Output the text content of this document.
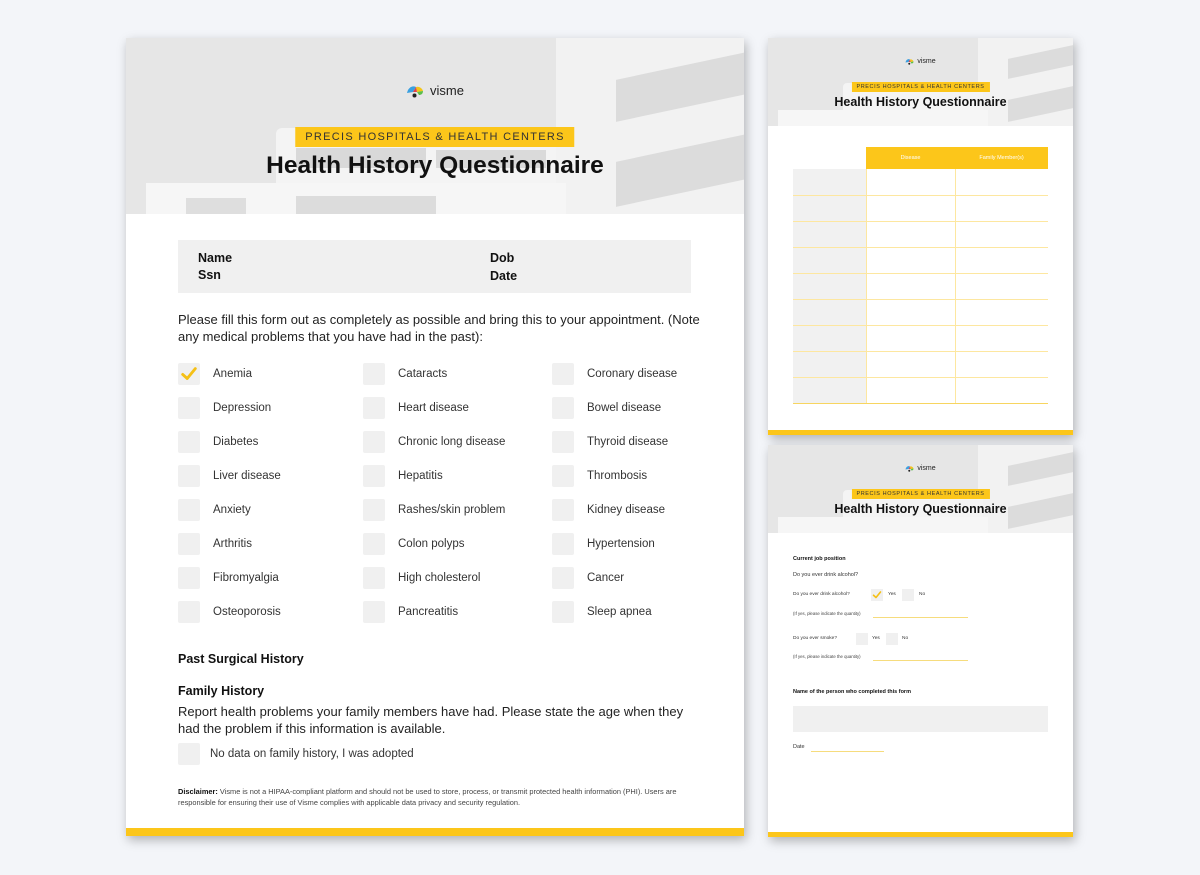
visme
PRECIS HOSPITALS & HEALTH CENTERS
Health History Questionnaire
Name	Dob
Ssn	Date
Please fill this form out as completely as possible and bring this to your appointment. (Note any medical problems that you have had in the past):
Anemia	Cataracts	Coronary disease
Depression	Heart disease	Bowel disease
Diabetes	Chronic long disease	Thyroid disease
Liver disease	Hepatitis	Thrombosis
Anxiety	Rashes/skin problem	Kidney disease
Arthritis	Colon polyps	Hypertension
Fibromyalgia	High cholesterol	Cancer
Osteoporosis	Pancreatitis	Sleep apnea
Past Surgical History
Family History
Report health problems your family members have had. Please state the age when they had the problem if this information is available.
No data on family history, I was adopted
Disclaimer: Visme is not a HIPAA-compliant platform and should not be used to store, process, or transmit protected health information (PHI). Users are responsible for ensuring their use of Visme complies with applicable data privacy and security regulation.
visme
PRECIS HOSPITALS & HEALTH CENTERS
Health History Questionnaire
	Disease	Family Member(s)

visme
PRECIS HOSPITALS & HEALTH CENTERS
Health History Questionnaire
Current job position
Do you ever drink alcohol?
Do you ever drink alcohol?	Yes	No
(If yes, please indicate the quantity)
Do you ever smoke?	Yes	No
(If yes, please indicate the quantity)
Name of the person who completed this form
Date
